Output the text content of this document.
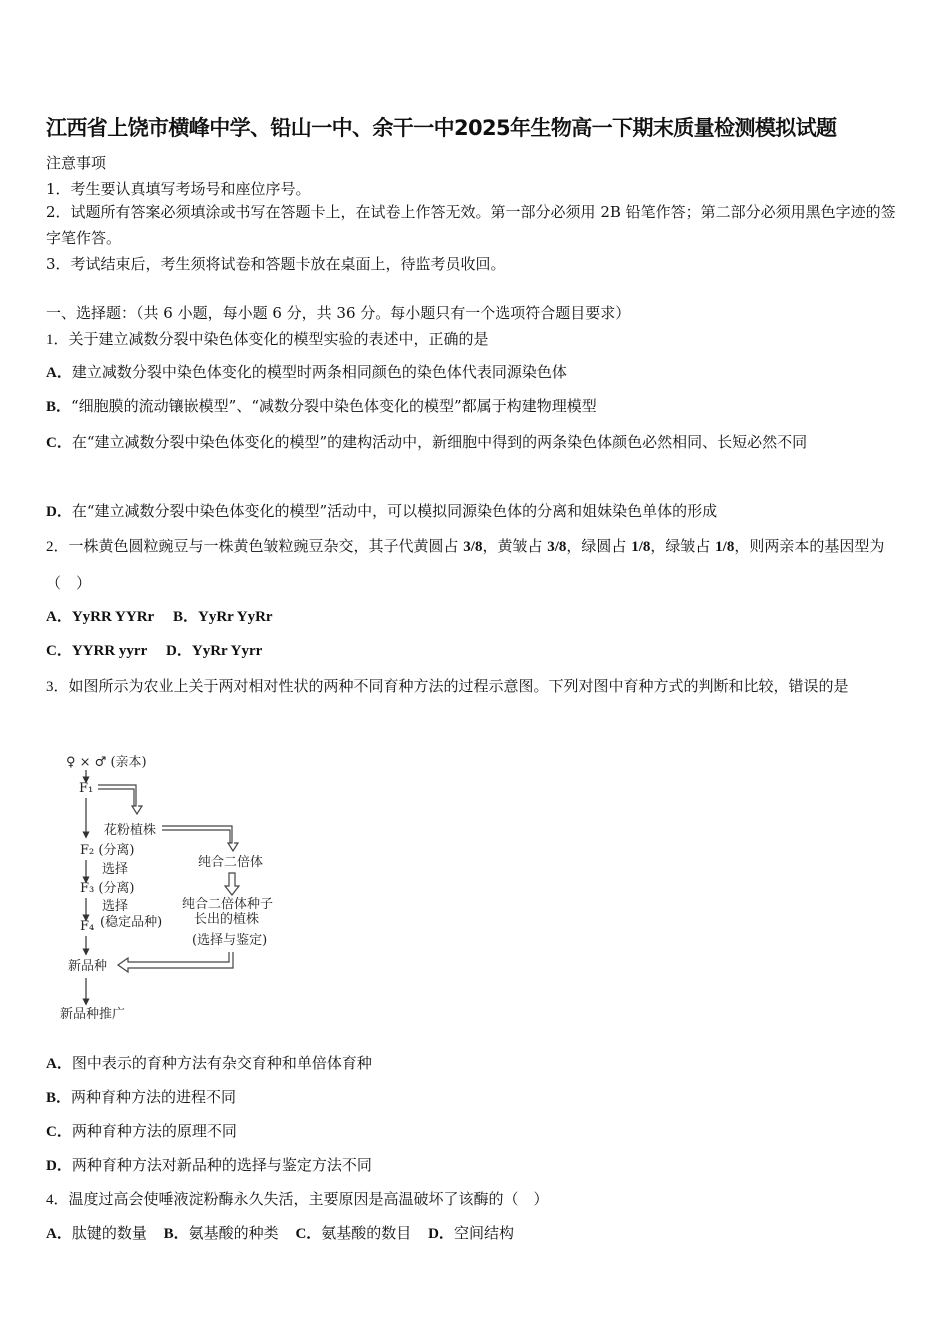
江西省上饶市横峰中学、铅山一中、余干一中2025年生物高一下期末质量检测模拟试题
注意事项
1．考生要认真填写考场号和座位序号。
2．试题所有答案必须填涂或书写在答题卡上，在试卷上作答无效。第一部分必须用 2B 铅笔作答；第二部分必须用黑色字迹的签字笔作答。
3．考试结束后，考生须将试卷和答题卡放在桌面上，待监考员收回。
一、选择题：（共 6 小题，每小题 6 分，共 36 分。每小题只有一个选项符合题目要求）
1．关于建立减数分裂中染色体变化的模型实验的表述中，正确的是
A．建立减数分裂中染色体变化的模型时两条相同颜色的染色体代表同源染色体
B．“细胞膜的流动镶嵌模型”、“减数分裂中染色体变化的模型”都属于构建物理模型
C．在“建立减数分裂中染色体变化的模型”的建构活动中，新细胞中得到的两条染色体颜色必然相同、长短必然不同
D．在“建立减数分裂中染色体变化的模型”活动中，可以模拟同源染色体的分离和姐妹染色单体的形成
2．一株黄色圆粒豌豆与一株黄色皱粒豌豆杂交，其子代黄圆占 3/8，黄皱占 3/8，绿圆占 1/8，绿皱占 1/8，则两亲本的基因型为（　）
A．YyRR YYRr B．YyRr YyRr
C．YYRR yyrr D．YyRr Yyrr
3．如图所示为农业上关于两对相对性状的两种不同育种方法的过程示意图。下列对图中育种方式的判断和比较，错误的是
♀ × ♂ (亲本)
F₁
F₂ (分离)
选择
F₃ (分离)
选择
(稳定品种)
F₄
新品种
新品种推广
花粉植株
纯合二倍体
纯合二倍体种子
长出的植株
(选择与鉴定)
A．图中表示的育种方法有杂交育种和单倍体育种
B．两种育种方法的进程不同
C．两种育种方法的原理不同
D．两种育种方法对新品种的选择与鉴定方法不同
4．温度过高会使唾液淀粉酶永久失活，主要原因是高温破坏了该酶的（　）
A．肽键的数量 B．氨基酸的种类 C．氨基酸的数目 D．空间结构
